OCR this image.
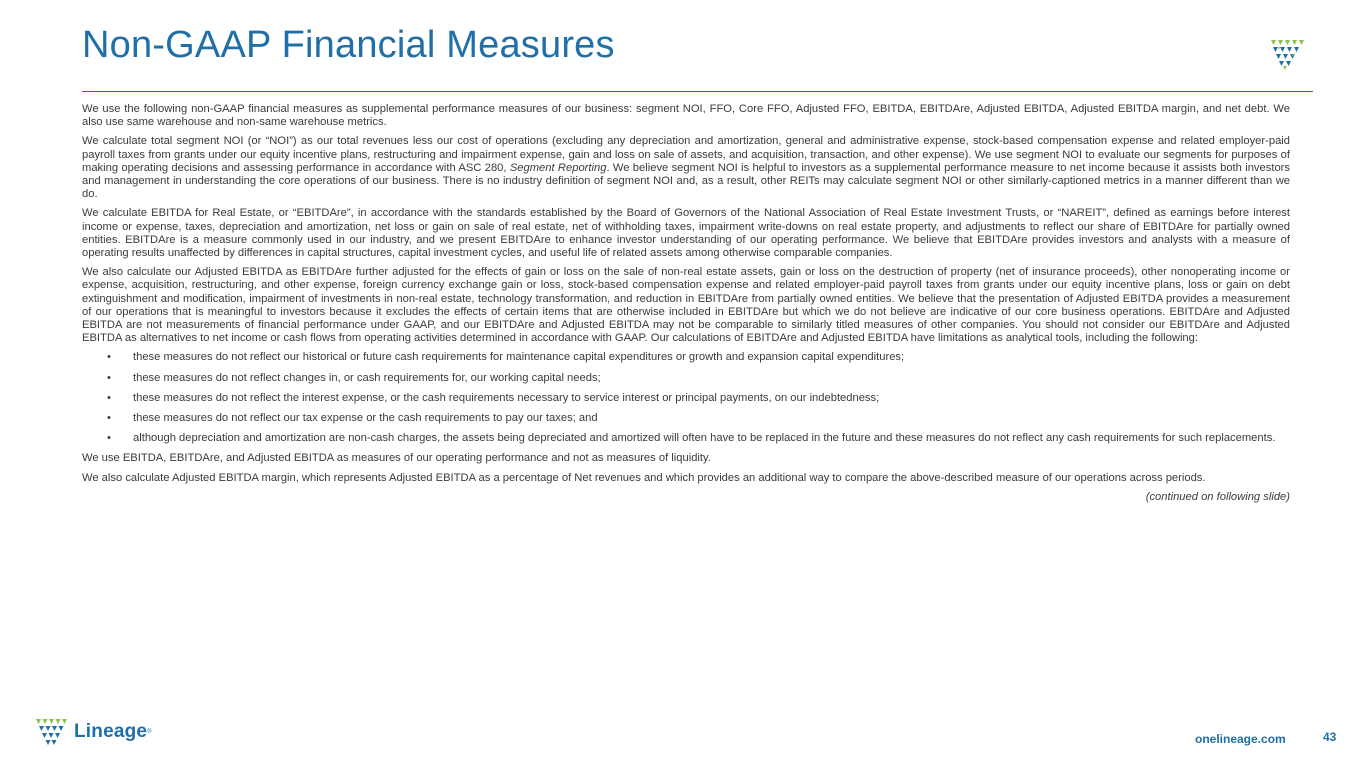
Non-GAAP Financial Measures

We use the following non-GAAP financial measures as supplemental performance measures of our business: segment NOI, FFO, Core FFO, Adjusted FFO, EBITDA, EBITDAre, Adjusted EBITDA, Adjusted EBITDA margin, and net debt. We also use same warehouse and non-same warehouse metrics.

We calculate total segment NOI (or “NOI”) as our total revenues less our cost of operations (excluding any depreciation and amortization, general and administrative expense, stock-based compensation expense and related employer-paid payroll taxes from grants under our equity incentive plans, restructuring and impairment expense, gain and loss on sale of assets, and acquisition, transaction, and other expense). We use segment NOI to evaluate our segments for purposes of making operating decisions and assessing performance in accordance with ASC 280, Segment Reporting. We believe segment NOI is helpful to investors as a supplemental performance measure to net income because it assists both investors and management in understanding the core operations of our business. There is no industry definition of segment NOI and, as a result, other REITs may calculate segment NOI or other similarly-captioned metrics in a manner different than we do.

We calculate EBITDA for Real Estate, or “EBITDAre”, in accordance with the standards established by the Board of Governors of the National Association of Real Estate Investment Trusts, or “NAREIT”, defined as earnings before interest income or expense, taxes, depreciation and amortization, net loss or gain on sale of real estate, net of withholding taxes, impairment write-downs on real estate property, and adjustments to reflect our share of EBITDAre for partially owned entities. EBITDAre is a measure commonly used in our industry, and we present EBITDAre to enhance investor understanding of our operating performance. We believe that EBITDAre provides investors and analysts with a measure of operating results unaffected by differences in capital structures, capital investment cycles, and useful life of related assets among otherwise comparable companies.

We also calculate our Adjusted EBITDA as EBITDAre further adjusted for the effects of gain or loss on the sale of non-real estate assets, gain or loss on the destruction of property (net of insurance proceeds), other nonoperating income or expense, acquisition, restructuring, and other expense, foreign currency exchange gain or loss, stock-based compensation expense and related employer-paid payroll taxes from grants under our equity incentive plans, loss or gain on debt extinguishment and modification, impairment of investments in non-real estate, technology transformation, and reduction in EBITDAre from partially owned entities. We believe that the presentation of Adjusted EBITDA provides a measurement of our operations that is meaningful to investors because it excludes the effects of certain items that are otherwise included in EBITDAre but which we do not believe are indicative of our core business operations. EBITDAre and Adjusted EBITDA are not measurements of financial performance under GAAP, and our EBITDAre and Adjusted EBITDA may not be comparable to similarly titled measures of other companies. You should not consider our EBITDAre and Adjusted EBITDA as alternatives to net income or cash flows from operating activities determined in accordance with GAAP. Our calculations of EBITDAre and Adjusted EBITDA have limitations as analytical tools, including the following:

• these measures do not reflect our historical or future cash requirements for maintenance capital expenditures or growth and expansion capital expenditures;
• these measures do not reflect changes in, or cash requirements for, our working capital needs;
• these measures do not reflect the interest expense, or the cash requirements necessary to service interest or principal payments, on our indebtedness;
• these measures do not reflect our tax expense or the cash requirements to pay our taxes; and
• although depreciation and amortization are non-cash charges, the assets being depreciated and amortized will often have to be replaced in the future and these measures do not reflect any cash requirements for such replacements.

We use EBITDA, EBITDAre, and Adjusted EBITDA as measures of our operating performance and not as measures of liquidity.

We also calculate Adjusted EBITDA margin, which represents Adjusted EBITDA as a percentage of Net revenues and which provides an additional way to compare the above-described measure of our operations across periods.

(continued on following slide)
Lineage ®	onelineage.com	43
